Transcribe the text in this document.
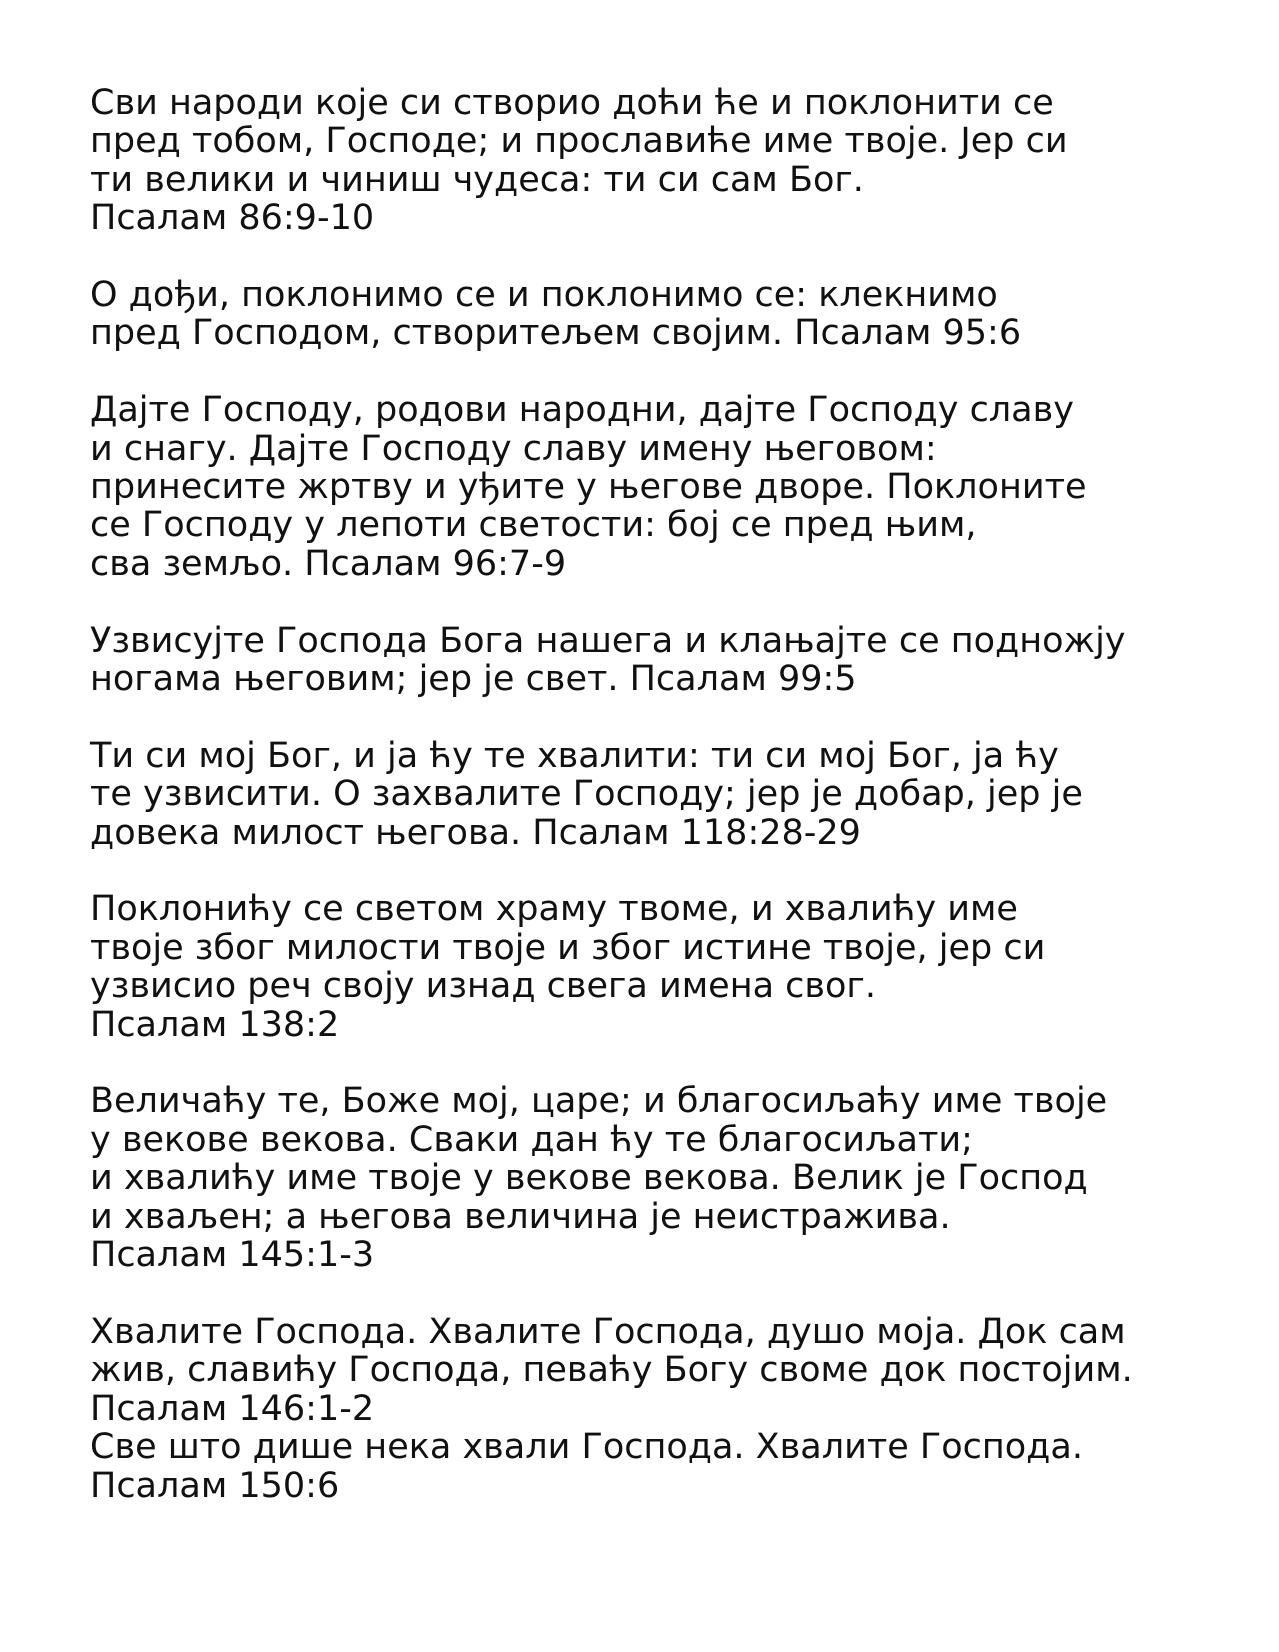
Сви народи које си створио доћи ће и поклонити се
пред тобом, Господе; и прославиће име твоје. Јер си
ти велики и чиниш чудеса: ти си сам Бог.
Псалам 86:9-10
О дођи, поклонимо се и поклонимо се: клекнимо
пред Господом, створитељем својим. Псалам 95:6
Дајте Господу, родови народни, дајте Господу славу
и снагу. Дајте Господу славу имену његовом:
принесите жртву и уђите у његове дворе. Поклоните
се Господу у лепоти светости: бој се пред њим,
сва земљо. Псалам 96:7-9
Узвисујте Господа Бога нашега и клањајте се подножју
ногама његовим; јер је свет. Псалам 99:5
Ти си мој Бог, и ја ћу те хвалити: ти си мој Бог, ја ћу
те узвисити. О захвалите Господу; јер је добар, јер је
довека милост његова. Псалам 118:28-29
Поклонићу се светом храму твоме, и хвалићу име
твоје због милости твоје и због истине твоје, јер си
узвисио реч своју изнад свега имена свог.
Псалам 138:2
Величаћу те, Боже мој, царе; и благосиљаћу име твоје
у векове векова. Сваки дан ћу те благосиљати;
и хвалићу име твоје у векове векова. Велик је Господ
и хваљен; а његова величина је неистраживa.
Псалам 145:1-3
Хвалите Господа. Хвалите Господа, душо моја. Док сам
жив, славићу Господа, певаћу Богу своме док постојим.
Псалам 146:1-2
Све што дише нека хвали Господа. Хвалите Господа.
Псалам 150:6
